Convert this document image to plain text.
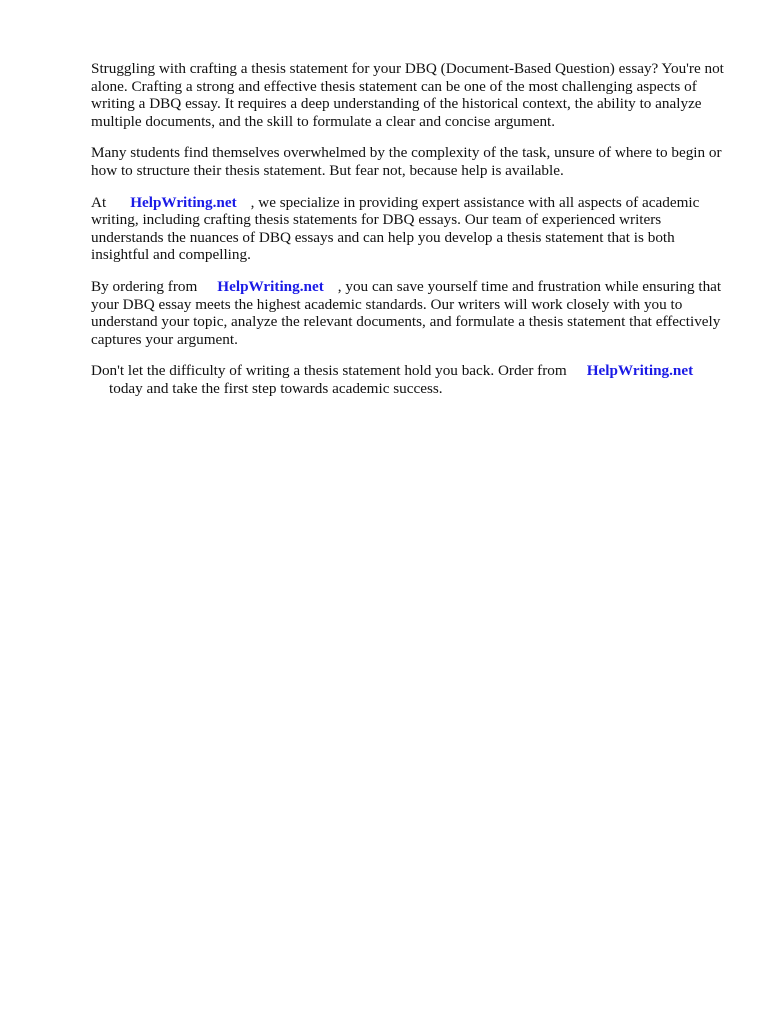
Struggling with crafting a thesis statement for your DBQ (Document-Based Question) essay? You're not alone. Crafting a strong and effective thesis statement can be one of the most challenging aspects of writing a DBQ essay. It requires a deep understanding of the historical context, the ability to analyze multiple documents, and the skill to formulate a clear and concise argument.

Many students find themselves overwhelmed by the complexity of the task, unsure of where to begin or how to structure their thesis statement. But fear not, because help is available.

At HelpWriting.net , we specialize in providing expert assistance with all aspects of academic writing, including crafting thesis statements for DBQ essays. Our team of experienced writers understands the nuances of DBQ essays and can help you develop a thesis statement that is both insightful and compelling.

By ordering from HelpWriting.net , you can save yourself time and frustration while ensuring that your DBQ essay meets the highest academic standards. Our writers will work closely with you to understand your topic, analyze the relevant documents, and formulate a thesis statement that effectively captures your argument.

Don't let the difficulty of writing a thesis statement hold you back. Order from HelpWriting.net
today and take the first step towards academic success.
